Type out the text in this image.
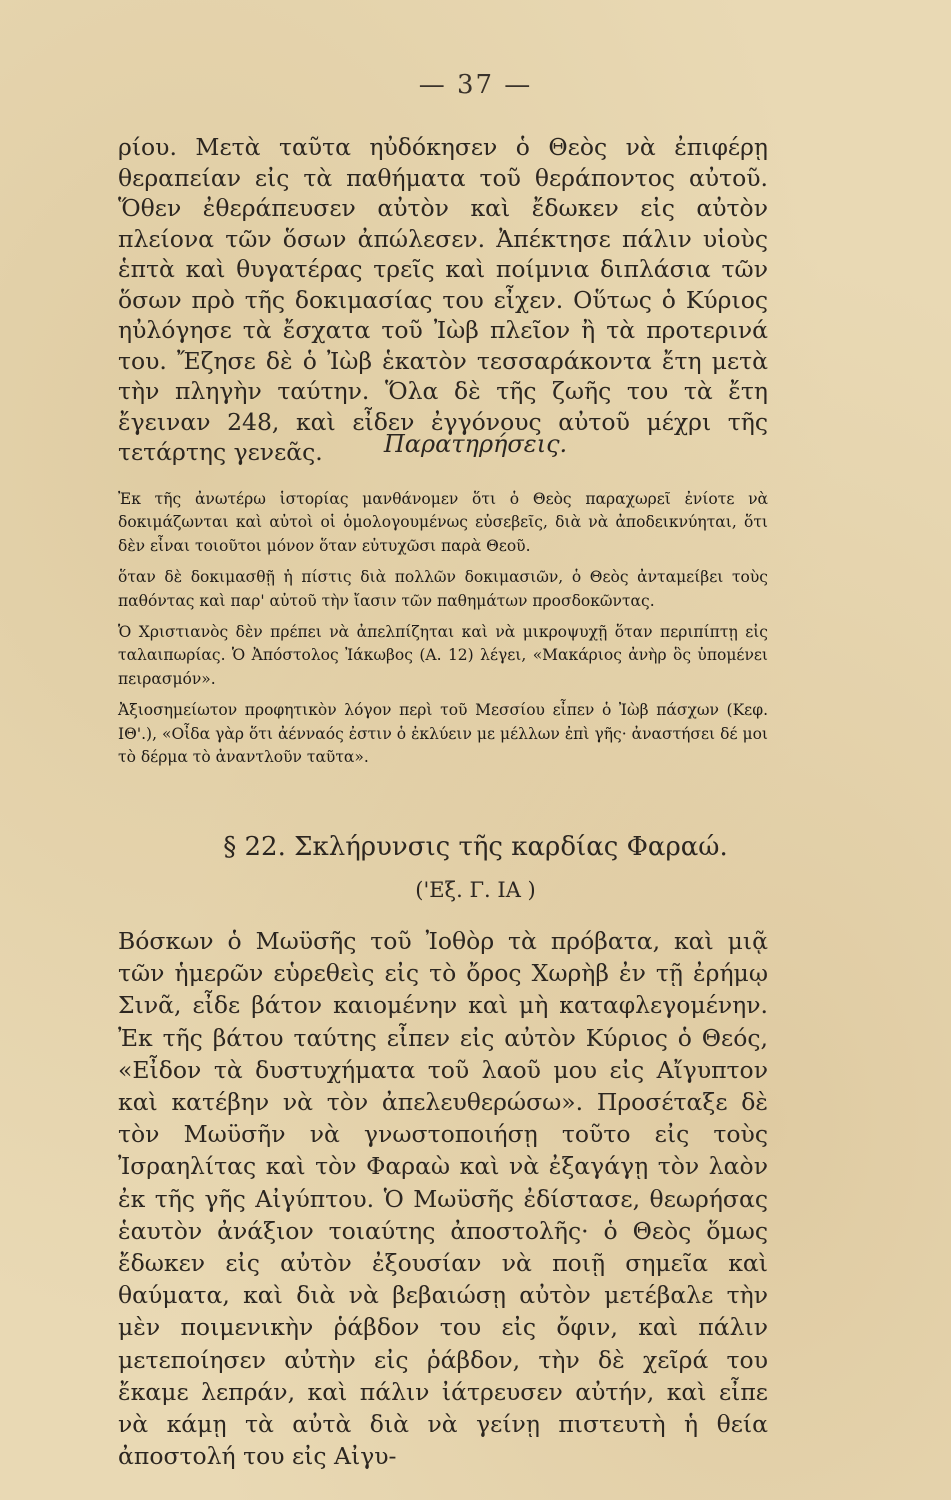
— 37 —

ρίου. Μετὰ ταῦτα ηὐδόκησεν ὁ Θεὸς νὰ ἐπιφέρῃ θεραπείαν εἰς τὰ παθήματα τοῦ θεράποντος αὐτοῦ. Ὅθεν ἐθεράπευσεν αὐτὸν καὶ ἔδωκεν εἰς αὐτὸν πλείονα τῶν ὅσων ἀπώλεσεν. Ἀπέκτησε πάλιν υἱοὺς ἑπτὰ καὶ θυγατέρας τρεῖς καὶ ποίμνια διπλάσια τῶν ὅσων πρὸ τῆς δοκιμασίας του εἶχεν. Οὕτως ὁ Κύριος ηὐλόγησε τὰ ἔσχατα τοῦ Ἰὼβ πλεῖον ἢ τὰ προτερινά του. Ἔζησε δὲ ὁ Ἰὼβ ἑκατὸν τεσσαράκοντα ἔτη μετὰ τὴν πληγὴν ταύτην. Ὅλα δὲ τῆς ζωῆς του τὰ ἔτη ἔγειναν 248, καὶ εἶδεν ἐγγόνους αὐτοῦ μέχρι τῆς τετάρτης γενεᾶς.	Παρατηρήσεις.

Ἐκ τῆς ἀνωτέρω ἱστορίας μανθάνομεν ὅτι ὁ Θεὸς παραχωρεῖ ἐνίοτε νὰ δοκιμάζωνται καὶ αὐτοὶ οἱ ὁμολογουμένως εὐσεβεῖς, διὰ νὰ ἀποδεικνύηται, ὅτι δὲν εἶναι τοιοῦτοι μόνον ὅταν εὐτυχῶσι παρὰ Θεοῦ.

ὅταν δὲ δοκιμασθῇ ἡ πίστις διὰ πολλῶν δοκιμασιῶν, ὁ Θεὸς ἀνταμείβει τοὺς παθόντας καὶ παρ' αὐτοῦ τὴν ἴασιν τῶν παθημάτων προσδοκῶντας.

Ὁ Χριστιανὸς δὲν πρέπει νὰ ἀπελπίζηται καὶ νὰ μικροψυχῇ ὅταν περιπίπτῃ εἰς ταλαιπωρίας. Ὁ Ἀπόστολος Ἰάκωβος (Α. 12) λέγει, «Μακάριος ἀνὴρ ὃς ὑπομένει πειρασμόν».

Ἀξιοσημείωτον προφητικὸν λόγον περὶ τοῦ Μεσσίου εἶπεν ὁ Ἰὼβ πάσχων (Κεφ. ΙΘ'.), «Οἶδα γὰρ ὅτι ἀένναός ἐστιν ὁ ἐκλύειν με μέλλων ἐπὶ γῆς· ἀναστήσει δέ μοι τὸ δέρμα τὸ ἀναντλοῦν ταῦτα».

§ 22. Σκλήρυνσις τῆς καρδίας Φαραώ.
('Εξ. Γ. ΙΑ )

Βόσκων ὁ Μωϋσῆς τοῦ Ἰοθὸρ τὰ πρόβατα, καὶ μιᾷ τῶν ἡμερῶν εὑρεθεὶς εἰς τὸ ὄρος Χωρὴβ ἐν τῇ ἐρήμῳ Σινᾶ, εἶδε βάτον καιομένην καὶ μὴ καταφλεγομένην. Ἐκ τῆς βάτου ταύτης εἶπεν εἰς αὐτὸν Κύριος ὁ Θεός, «Εἶδον τὰ δυστυχήματα τοῦ λαοῦ μου εἰς Αἴγυπτον καὶ κατέβην νὰ τὸν ἀπελευθερώσω». Προσέταξε δὲ τὸν Μωϋσῆν νὰ γνωστοποιήσῃ τοῦτο εἰς τοὺς Ἰσραηλίτας καὶ τὸν Φαραὼ καὶ νὰ ἐξαγάγῃ τὸν λαὸν ἐκ τῆς γῆς Αἰγύπτου. Ὁ Μωϋσῆς ἐδίστασε, θεωρήσας ἑαυτὸν ἀνάξιον τοιαύτης ἀποστολῆς· ὁ Θεὸς ὅμως ἔδωκεν εἰς αὐτὸν ἐξουσίαν νὰ ποιῇ σημεῖα καὶ θαύματα, καὶ διὰ νὰ βεβαιώσῃ αὐτὸν μετέβαλε τὴν μὲν ποιμενικὴν ῥάβδον του εἰς ὄφιν, καὶ πάλιν μετεποίησεν αὐτὴν εἰς ῥάβδον, τὴν δὲ χεῖρά του ἔκαμε λεπράν, καὶ πάλιν ἰάτρευσεν αὐτήν, καὶ εἶπε νὰ κάμῃ τὰ αὐτὰ διὰ νὰ γείνῃ πιστευτὴ ἡ θεία ἀποστολή του εἰς Αἰγυ-
